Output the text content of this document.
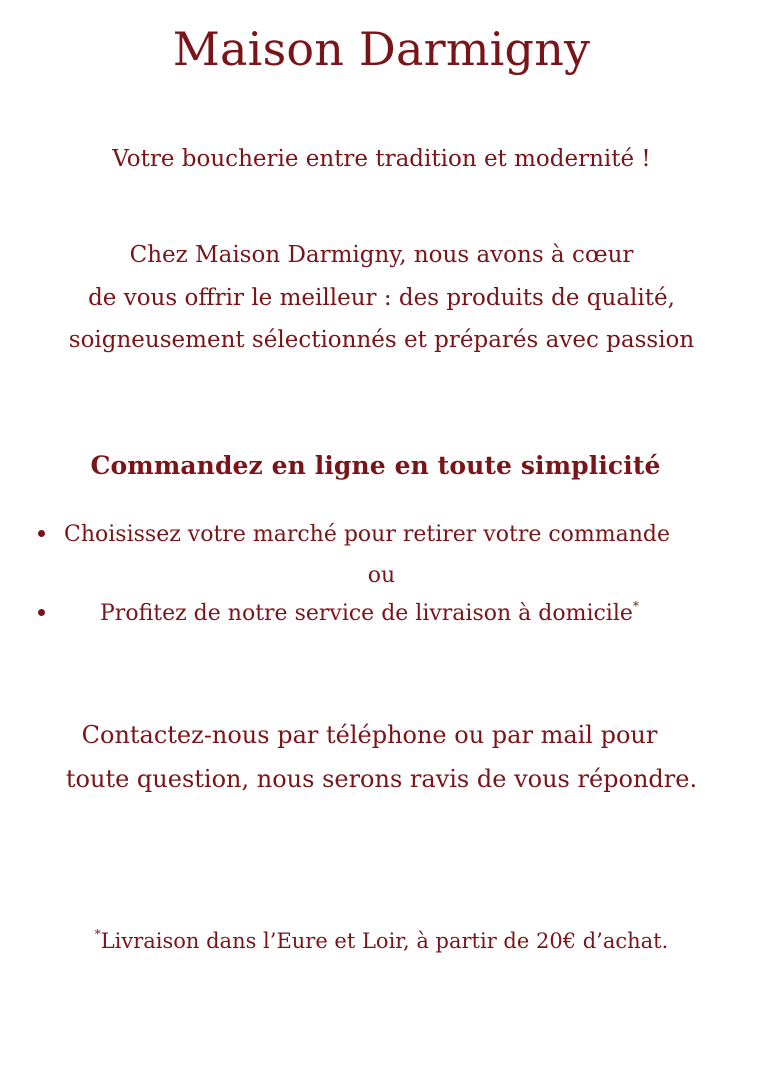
Maison Darmigny
Votre boucherie entre tradition et modernité !
Chez Maison Darmigny, nous avons à cœur
de vous offrir le meilleur : des produits de qualité,
soigneusement sélectionnés et préparés avec passion
Commandez en ligne en toute simplicité
Choisissez votre marché pour retirer votre commande
ou
Profitez de notre service de livraison à domicile*
Contactez-nous par téléphone ou par mail pour
toute question, nous serons ravis de vous répondre.
*Livraison dans l’Eure et Loir, à partir de 20€ d’achat.
